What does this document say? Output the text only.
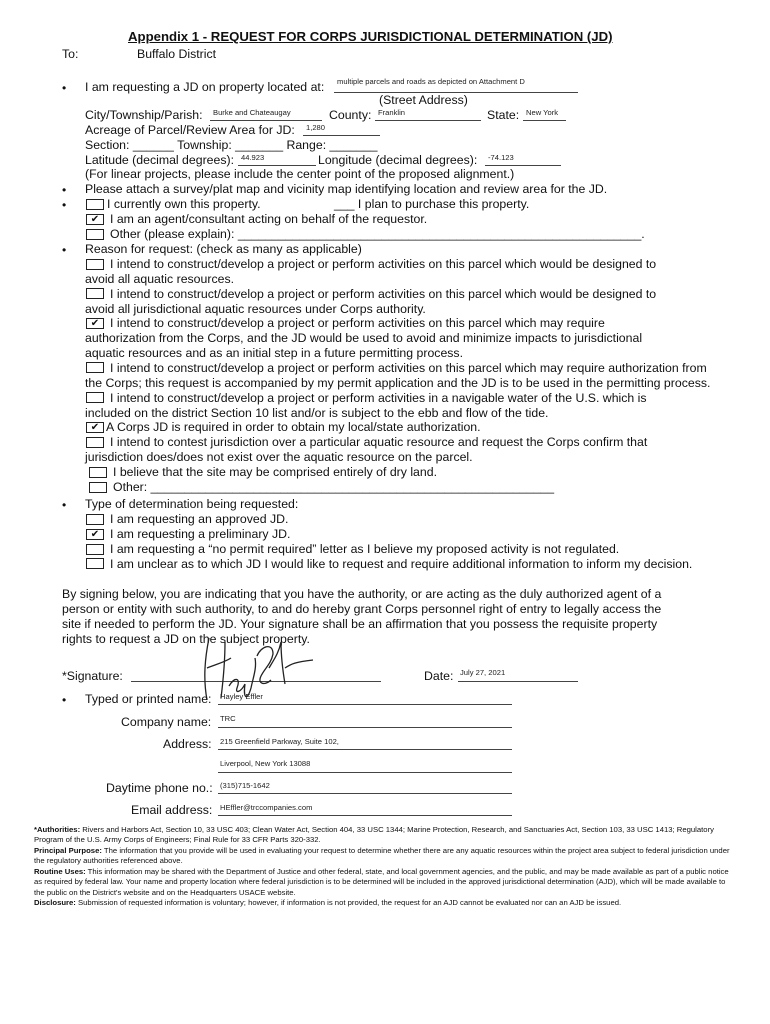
Appendix 1 - REQUEST FOR CORPS JURISDICTIONAL DETERMINATION (JD)
To:	Buffalo District
• I am requesting a JD on property located at:
multiple parcels and roads as depicted on Attachment D
(Street Address)
City/Township/Parish:
Burke and Chateaugay	County:
Franklin	State:
New York
Acreage of Parcel/Review Area for JD:
1,280
Section: ______ Township: _______ Range: _______
Latitude (decimal degrees):
44.923	Longitude (decimal degrees):
-74.123
(For linear projects, please include the center point of the proposed alignment.)
• Please attach a survey/plat map and vicinity map identifying location and review area for the JD.
•	I currently own this property.	___ I plan to purchase this property.
✔ I am an agent/consultant acting on behalf of the requestor.
Other (please explain): ___________________________________________________________.
• Reason for request: (check as many as applicable)
I intend to construct/develop a project or perform activities on this parcel which would be designed to
avoid all aquatic resources.
I intend to construct/develop a project or perform activities on this parcel which would be designed to
avoid all jurisdictional aquatic resources under Corps authority.
✔ I intend to construct/develop a project or perform activities on this parcel which may require
authorization from the Corps, and the JD would be used to avoid and minimize impacts to jurisdictional
aquatic resources and as an initial step in a future permitting process.
I intend to construct/develop a project or perform activities on this parcel which may require authorization from
the Corps; this request is accompanied by my permit application and the JD is to be used in the permitting process.
I intend to construct/develop a project or perform activities in a navigable water of the U.S. which is
included on the district Section 10 list and/or is subject to the ebb and flow of the tide.
✔ A Corps JD is required in order to obtain my local/state authorization.
I intend to contest jurisdiction over a particular aquatic resource and request the Corps confirm that
jurisdiction does/does not exist over the aquatic resource on the parcel.
I believe that the site may be comprised entirely of dry land.
Other: ___________________________________________________________
• Type of determination being requested:
I am requesting an approved JD.
✔ I am requesting a preliminary JD.
I am requesting a “no permit required” letter as I believe my proposed activity is not regulated.
I am unclear as to which JD I would like to request and require additional information to inform my decision.
By signing below, you are indicating that you have the authority, or are acting as the duly authorized agent of a
person or entity with such authority, to and do hereby grant Corps personnel right of entry to legally access the
site if needed to perform the JD. Your signature shall be an affirmation that you possess the requisite property
rights to request a JD on the subject property.
*Signature:	Date:
July 27, 2021
• Typed or printed name:
Hayley Effler
Company name:
TRC
Address:
215 Greenfield Parkway, Suite 102,
Liverpool, New York 13088
Daytime phone no.:
(315)715-1642
Email address:
HEffler@trccompanies.com
*Authorities: Rivers and Harbors Act, Section 10, 33 USC 403; Clean Water Act, Section 404, 33 USC 1344; Marine Protection, Research, and Sanctuaries Act, Section 103, 33 USC 1413; Regulatory Program of the U.S. Army Corps of Engineers; Final Rule for 33 CFR Parts 320-332.
Principal Purpose: The information that you provide will be used in evaluating your request to determine whether there are any aquatic resources within the project area subject to federal jurisdiction under the regulatory authorities referenced above.
Routine Uses: This information may be shared with the Department of Justice and other federal, state, and local government agencies, and the public, and may be made available as part of a public notice as required by federal law. Your name and property location where federal jurisdiction is to be determined will be included in the approved jurisdictional determination (AJD), which will be made available to the public on the District's website and on the Headquarters USACE website.
Disclosure: Submission of requested information is voluntary; however, if information is not provided, the request for an AJD cannot be evaluated nor can an AJD be issued.
